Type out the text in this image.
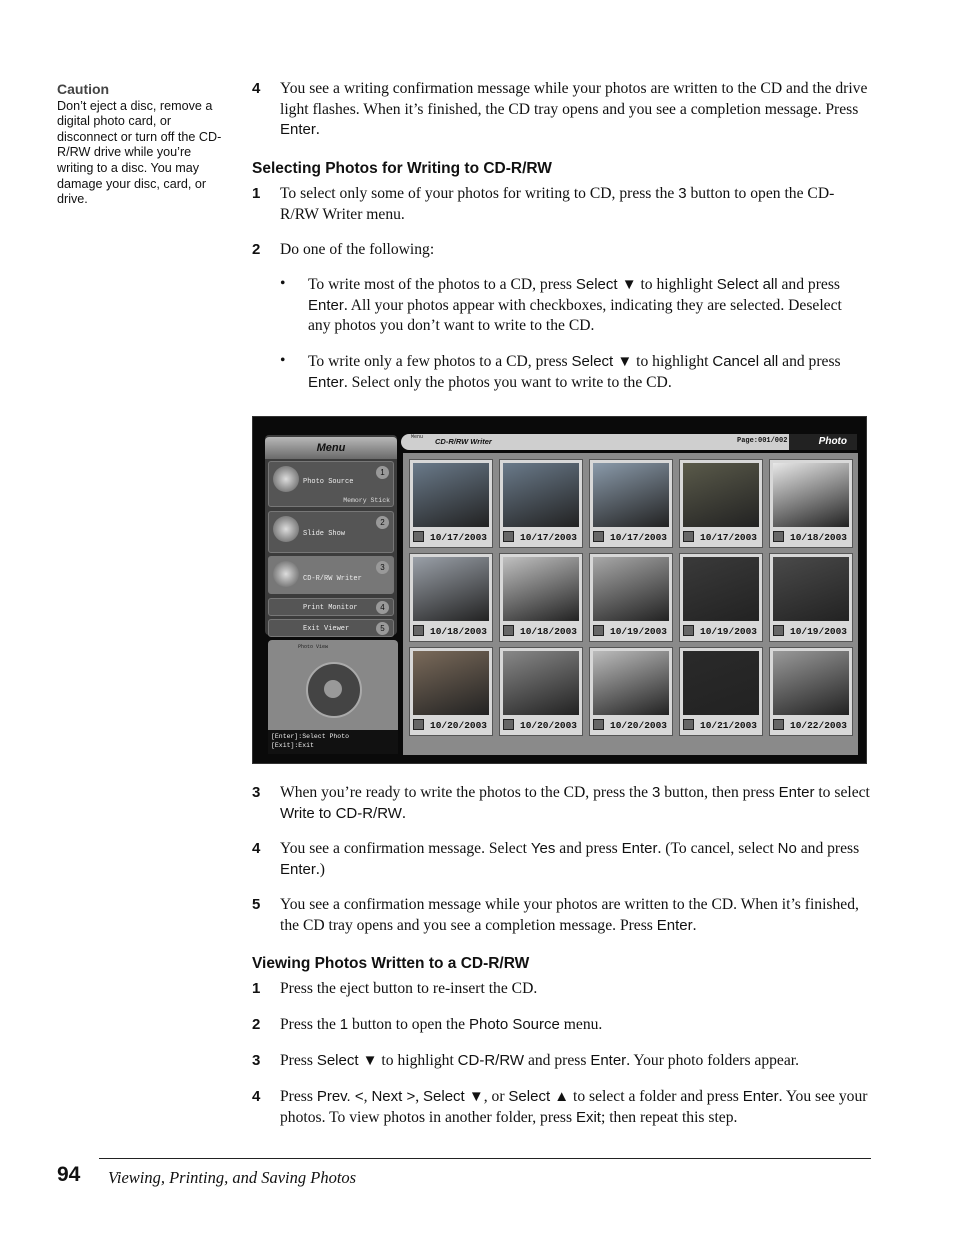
Caution
Don’t eject a disc, remove a digital photo card, or disconnect or turn off the CD-R/RW drive while you’re writing to a disc. You may damage your disc, card, or drive.
4 You see a writing confirmation message while your photos are written to the CD and the drive light flashes. When it’s finished, the CD tray opens and you see a completion message. Press Enter.
Selecting Photos for Writing to CD-R/RW
1 To select only some of your photos for writing to CD, press the 3 button to open the CD-R/RW Writer menu.
2 Do one of the following:
• To write most of the photos to a CD, press Select ▼ to highlight Select all and press Enter. All your photos appear with checkboxes, indicating they are selected. Deselect any photos you don’t want to write to the CD.
• To write only a few photos to a CD, press Select ▼ to highlight Cancel all and press Enter. Select only the photos you want to write to the CD.
Menu
Photo Source
1
Memory Stick
Slide Show
2
CD-R/RW Writer
3
Print Monitor	4
Exit Viewer	5
Photo View
[Enter]:Select Photo
[Exit]:Exit
Menu CD-R/RW Writer	Page:001/002	Photo
10/17/2003	10/17/2003	10/17/2003	10/17/2003	10/18/2003
10/18/2003	10/18/2003	10/19/2003	10/19/2003	10/19/2003
10/20/2003	10/20/2003	10/20/2003	10/21/2003	10/22/2003
3 When you’re ready to write the photos to the CD, press the 3 button, then press Enter to select Write to CD-R/RW.
4 You see a confirmation message. Select Yes and press Enter. (To cancel, select No and press Enter.)
5 You see a confirmation message while your photos are written to the CD. When it’s finished, the CD tray opens and you see a completion message. Press Enter.
Viewing Photos Written to a CD-R/RW
1 Press the eject button to re-insert the CD.
2 Press the 1 button to open the Photo Source menu.
3 Press Select ▼ to highlight CD-R/RW and press Enter. Your photo folders appear.
4 Press Prev. <, Next >, Select ▼, or Select ▲ to select a folder and press Enter. You see your photos. To view photos in another folder, press Exit; then repeat this step.
94 Viewing, Printing, and Saving Photos
